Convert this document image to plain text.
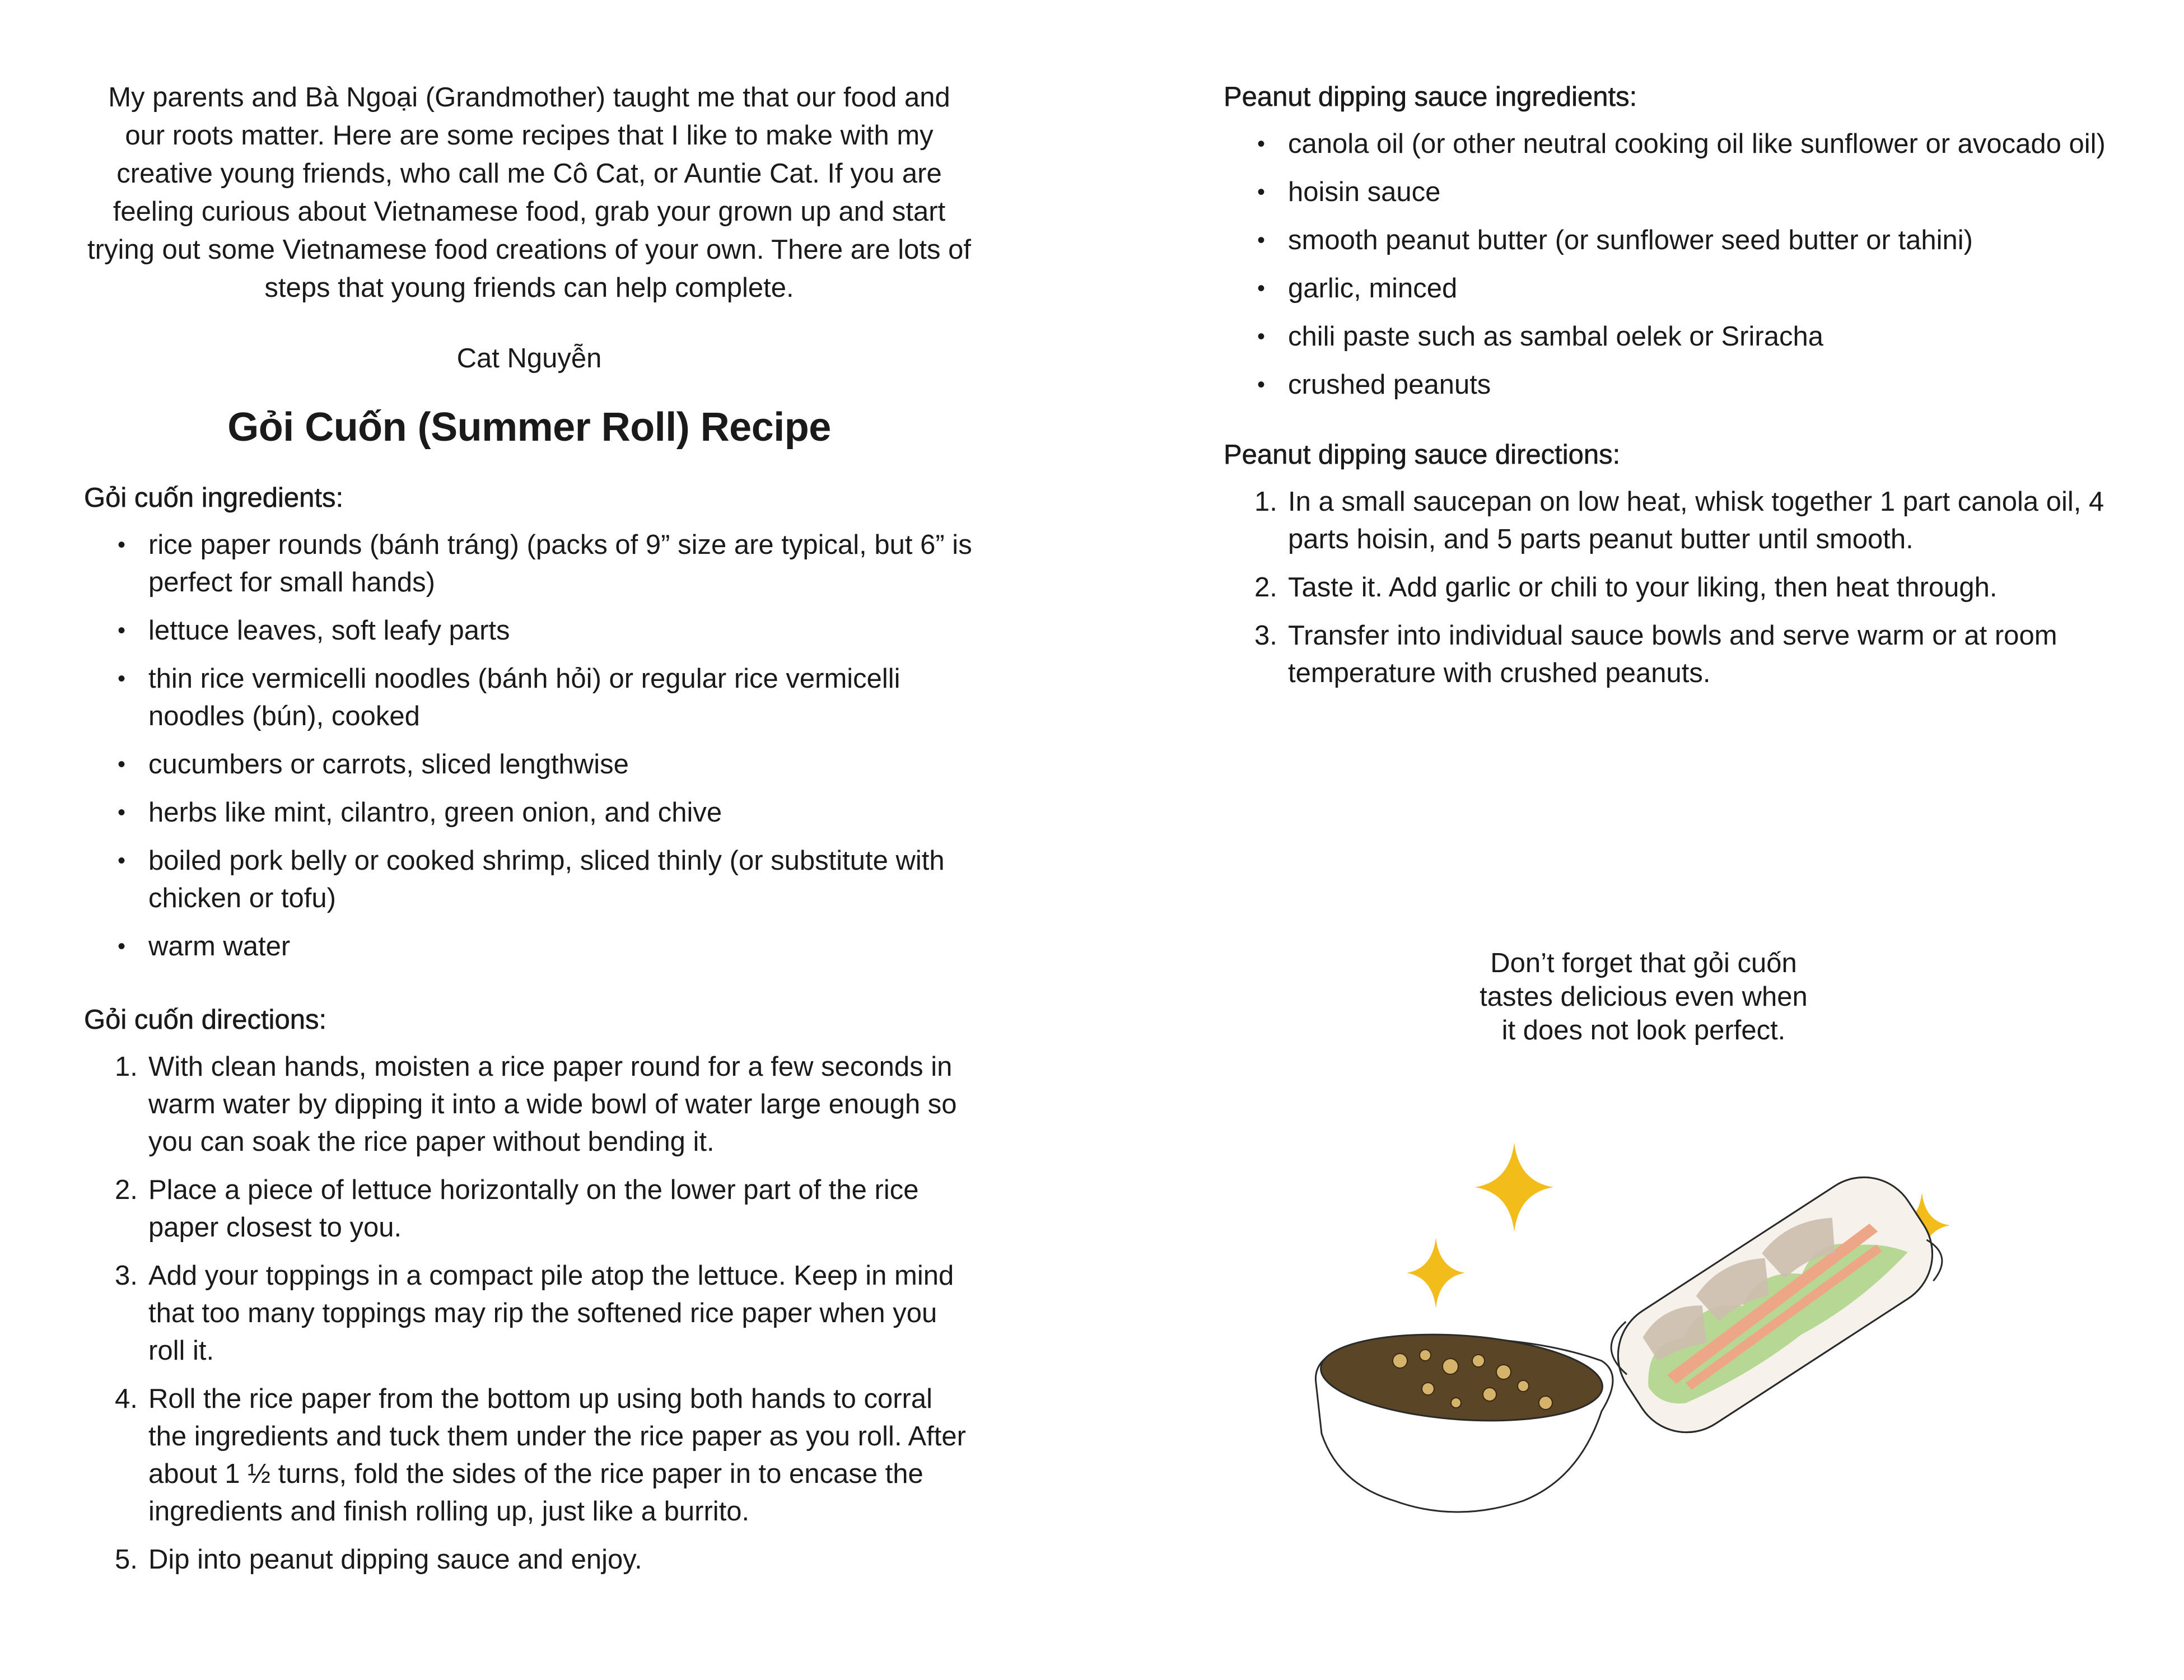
My parents and Bà Ngoại (Grandmother) taught me that our food and our roots matter. Here are some recipes that I like to make with my creative young friends, who call me Cô Cat, or Auntie Cat. If you are feeling curious about Vietnamese food, grab your grown up and start trying out some Vietnamese food creations of your own. There are lots of steps that young friends can help complete.

Cat Nguyễn

Gỏi Cuốn (Summer Roll) Recipe
Gỏi cuốn ingredients:
• rice paper rounds (bánh tráng) (packs of 9” size are typical, but 6” is perfect for small hands)
• lettuce leaves, soft leafy parts
• thin rice vermicelli noodles (bánh hỏi) or regular rice vermicelli noodles (bún), cooked
• cucumbers or carrots, sliced lengthwise
• herbs like mint, cilantro, green onion, and chive
• boiled pork belly or cooked shrimp, sliced thinly (or substitute with chicken or tofu)
• warm water
Gỏi cuốn directions:
1. With clean hands, moisten a rice paper round for a few seconds in warm water by dipping it into a wide bowl of water large enough so you can soak the rice paper without bending it.
2. Place a piece of lettuce horizontally on the lower part of the rice paper closest to you.
3. Add your toppings in a compact pile atop the lettuce. Keep in mind that too many toppings may rip the softened rice paper when you roll it.
4. Roll the rice paper from the bottom up using both hands to corral the ingredients and tuck them under the rice paper as you roll. After about 1 ½ turns, fold the sides of the rice paper in to encase the ingredients and finish rolling up, just like a burrito.
5. Dip into peanut dipping sauce and enjoy.
Peanut dipping sauce ingredients:
• canola oil (or other neutral cooking oil like sunflower or avocado oil)
• hoisin sauce
• smooth peanut butter (or sunflower seed butter or tahini)
• garlic, minced
• chili paste such as sambal oelek or Sriracha
• crushed peanuts
Peanut dipping sauce directions:
1. In a small saucepan on low heat, whisk together 1 part canola oil, 4 parts hoisin, and 5 parts peanut butter until smooth.
2. Taste it. Add garlic or chili to your liking, then heat through.
3. Transfer into individual sauce bowls and serve warm or at room temperature with crushed peanuts.
Don’t forget that gỏi cuốn
tastes delicious even when
it does not look perfect.
